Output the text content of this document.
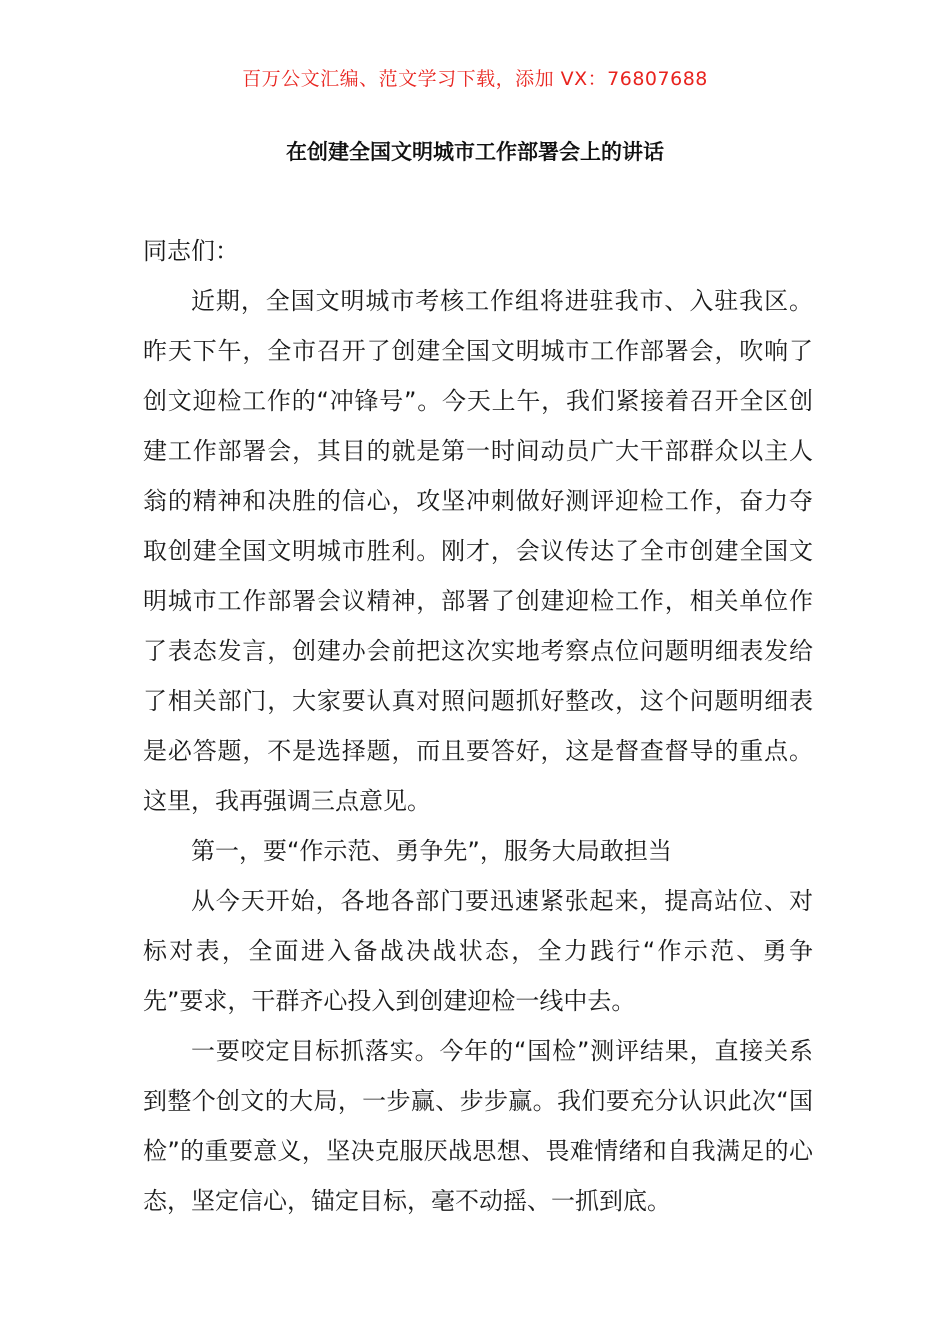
百万公文汇编、范文学习下载，添加 VX：76807688
在创建全国文明城市工作部署会上的讲话

同志们：

近期，全国文明城市考核工作组将进驻我市、入驻我区。昨天下午，全市召开了创建全国文明城市工作部署会，吹响了创文迎检工作的“冲锋号”。今天上午，我们紧接着召开全区创建工作部署会，其目的就是第一时间动员广大干部群众以主人翁的精神和决胜的信心，攻坚冲刺做好测评迎检工作，奋力夺取创建全国文明城市胜利。刚才，会议传达了全市创建全国文明城市工作部署会议精神，部署了创建迎检工作，相关单位作了表态发言，创建办会前把这次实地考察点位问题明细表发给了相关部门，大家要认真对照问题抓好整改，这个问题明细表是必答题，不是选择题，而且要答好，这是督查督导的重点。这里，我再强调三点意见。

第一，要“作示范、勇争先”，服务大局敢担当

从今天开始，各地各部门要迅速紧张起来，提高站位、对标对表，全面进入备战决战状态，全力践行“作示范、勇争先”要求，干群齐心投入到创建迎检一线中去。

一要咬定目标抓落实。今年的“国检”测评结果，直接关系到整个创文的大局，一步赢、步步赢。我们要充分认识此次“国检”的重要意义，坚决克服厌战思想、畏难情绪和自我满足的心态，坚定信心，锚定目标，毫不动摇、一抓到底。
